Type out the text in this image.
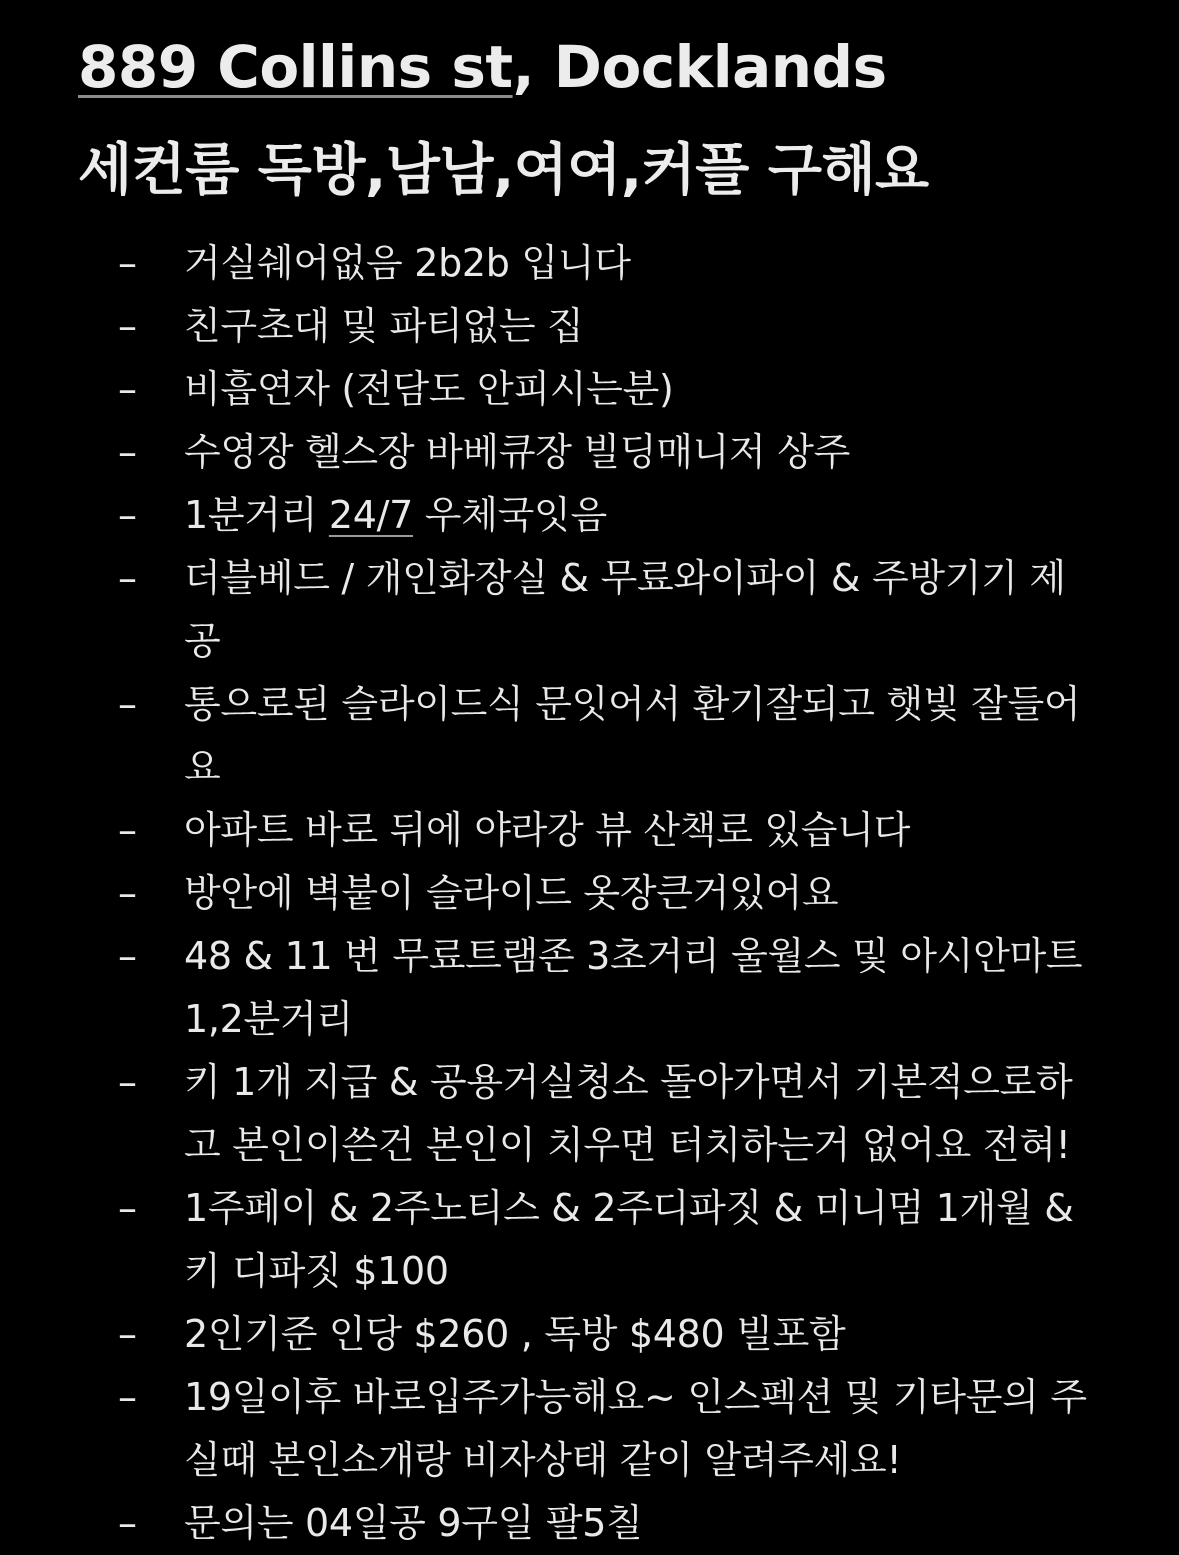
889 Collins st, Docklands
세컨룸 독방,남남,여여,커플 구해요
– 거실쉐어없음 2b2b 입니다
– 친구초대 및 파티없는 집
– 비흡연자 (전담도 안피시는분)
– 수영장 헬스장 바베큐장 빌딩매니저 상주
– 1분거리 24/7 우체국잇음
– 더블베드 / 개인화장실 & 무료와이파이 & 주방기기 제공
– 통으로된 슬라이드식 문잇어서 환기잘되고 햇빛 잘들어요
– 아파트 바로 뒤에 야라강 뷰 산책로 있습니다
– 방안에 벽붙이 슬라이드 옷장큰거있어요
– 48 & 11 번 무료트램존 3초거리 울월스 및 아시안마트 1,2분거리
– 키 1개 지급 & 공용거실청소 돌아가면서 기본적으로하고 본인이쓴건 본인이 치우면 터치하는거 없어요 전혀!
– 1주페이 & 2주노티스 & 2주디파짓 & 미니멈 1개월 & 키 디파짓 $100
– 2인기준 인당 $260 , 독방 $480 빌포함
– 19일이후 바로입주가능해요~ 인스펙션 및 기타문의 주실때 본인소개랑 비자상태 같이 알려주세요!
– 문의는 04일공 9구일 팔5칠
